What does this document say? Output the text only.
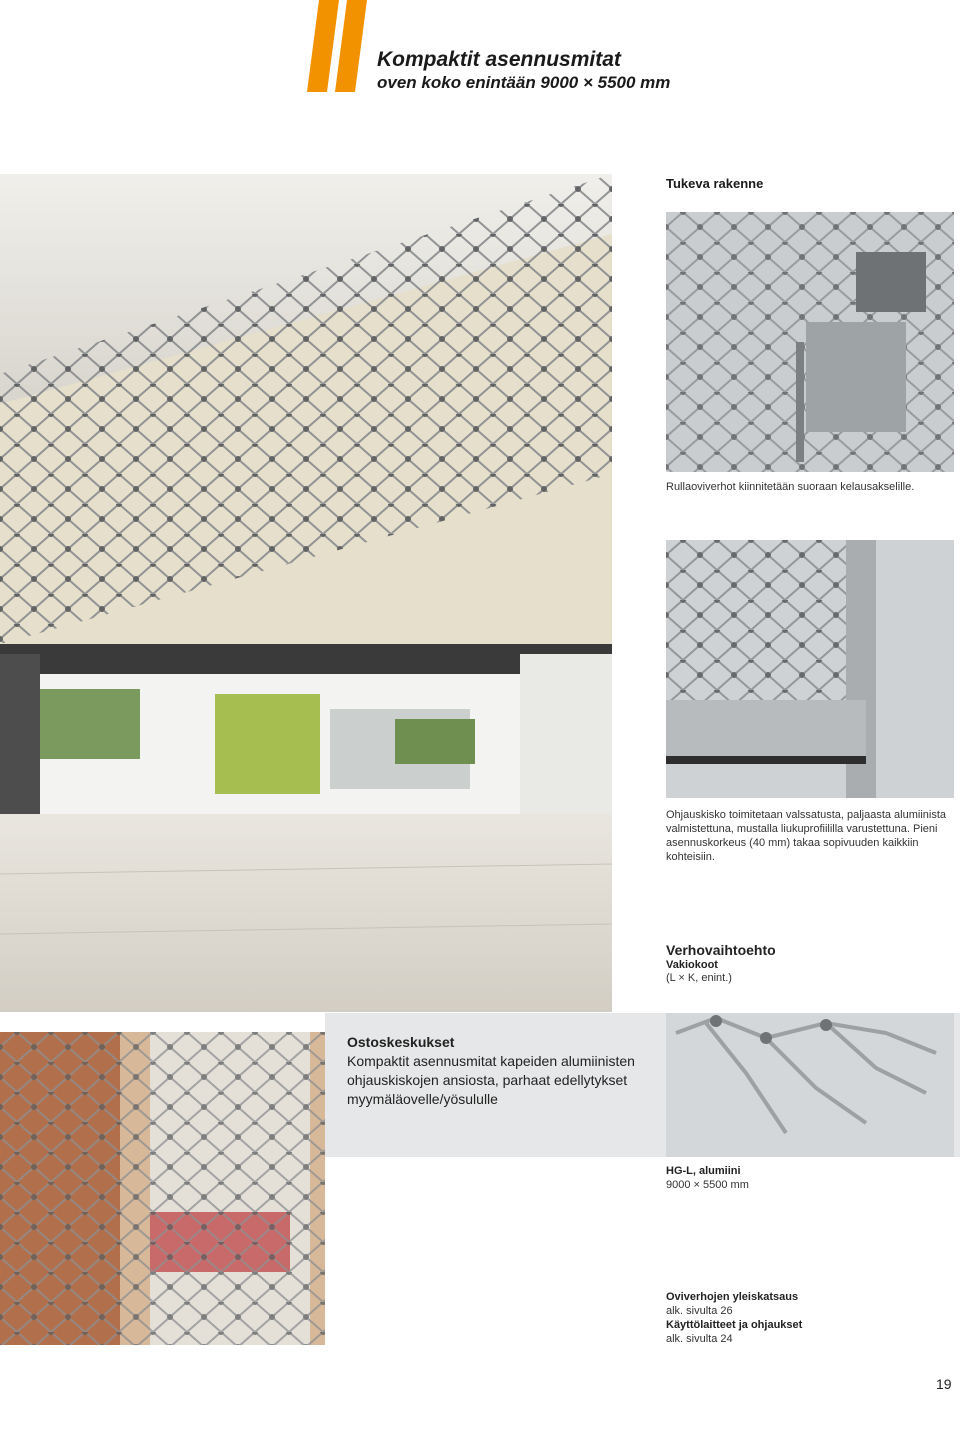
Kompaktit asennusmitat
oven koko enintään 9000 × 5500 mm
Tukeva rakenne
Rullaoviverhot kiinnitetään suoraan kelausakselille.
Ohjauskisko toimitetaan valssatusta, paljaasta alumiinista valmistettuna, mustalla liukuprofiililla varustettuna. Pieni asennuskorkeus (40 mm) takaa sopivuuden kaikkiin kohteisiin.
Verhovaihtoehto
Vakiokoot
(L × K, enint.)
Ostoskeskukset
Kompaktit asennusmitat kapeiden alumiinisten ohjauskiskojen ansiosta, parhaat edellytykset myymäläovelle/yösululle
HG-L, alumiini
9000 × 5500 mm
Oviverhojen yleiskatsaus
alk. sivulta 26
Käyttölaitteet ja ohjaukset
alk. sivulta 24
19
